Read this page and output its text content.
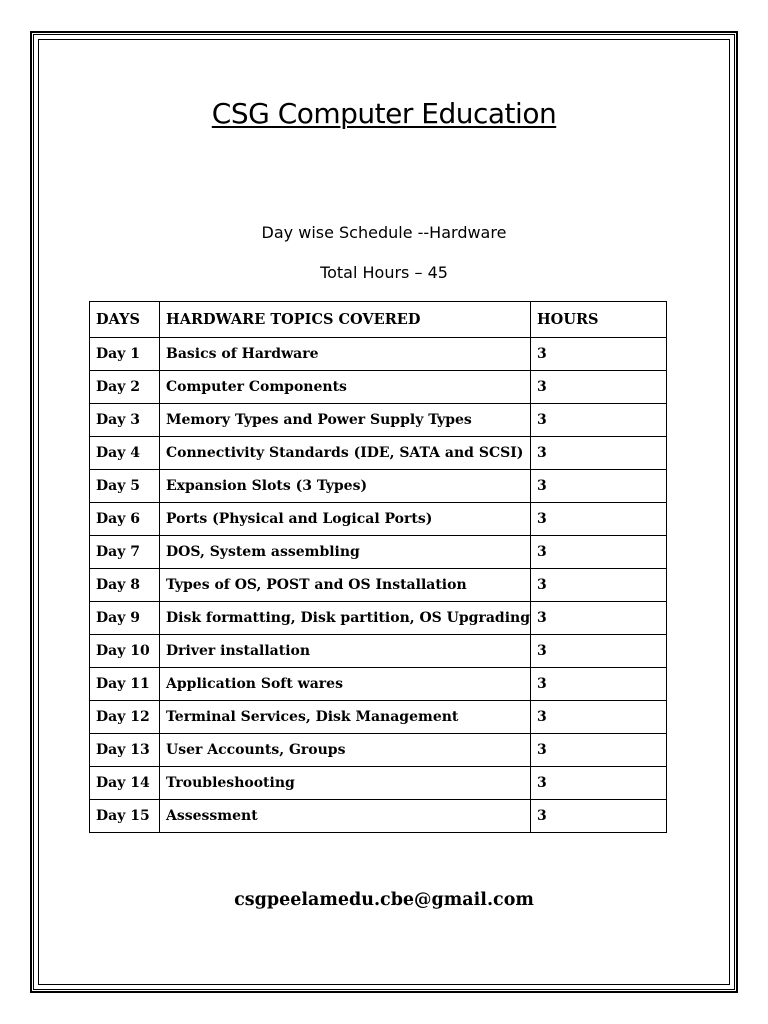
CSG Computer Education
Day wise Schedule --Hardware
Total Hours – 45
DAYS	HARDWARE TOPICS COVERED	HOURS
Day 1	Basics of Hardware	3
Day 2	Computer Components	3
Day 3	Memory Types and Power Supply Types	3
Day 4	Connectivity Standards (IDE, SATA and SCSI)	3
Day 5	Expansion Slots (3 Types)	3
Day 6	Ports (Physical and Logical Ports)	3
Day 7	DOS, System assembling	3
Day 8	Types of OS, POST and OS Installation	3
Day 9	Disk formatting, Disk partition, OS Upgrading	3
Day 10	Driver installation	3
Day 11	Application Soft wares	3
Day 12	Terminal Services, Disk Management	3
Day 13	User Accounts, Groups	3
Day 14	Troubleshooting	3
Day 15	Assessment	3
csgpeelamedu.cbe@gmail.com
